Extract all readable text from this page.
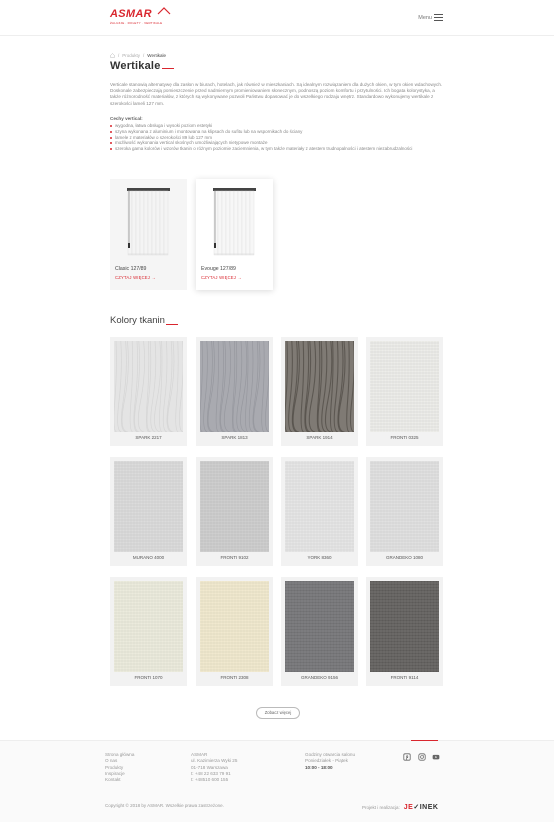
ASMAR
ŻALUZJE · ROLETY · VERTIKALE
Menu
/ Produkty / Wertikale
Wertikale
Verticale stanowią alternatywę dla zasłon w biurach, hotelach, jak również w mieszkaniach. Są idealnym rozwiązaniem dla dużych okien, w tym okien wdachowych. Doskonale zabezpieczają pomieszczenie przed nadmiernym promieniowaniem słonecznym, podnoszą poziom komfortu i przytulności. Ich bogata kolorystyka, a także różnorodność materiałów, z których są wykonywane pozwoli Państwu dopasować je do wszelkiego rodzaju wnętrz. Standardowo wykonujemy wertikale z szerokości lameli 127 mm.
Cechy vertical:
wygodna, łatwa obsługa i wysoki poziom estetyki
szyna wykonana z aluminium i montowana na klipsach do sufitu lub na wspornikach do ściany
lamele z materiałów o szerokości 89 lub 127 mm
możliwość wykonania vertical skośnych umożliwiających nietypowe montaże
szeroka gama kolorów i wzorów tkanin o różnym poziomie zaciemnienia, w tym także materiały z atestem trudnopalności i atestem niezabrudzalności
Clasic 127/89
CZYTAJ WIĘCEJ →
Evouge 127/89
CZYTAJ WIĘCEJ →
Kolory tkanin
SPARK 2217	SPARK 1813	SPARK 1914	FRONTI 0325
MURANO 4000	FRONTI 9102	YORK 8360	GRANDEKO 1080
FRONTI 1070	FRONTI 2308	GRANDEKO 9156	FRONTI 9114
Zobacz więcej
Strona główna
O nas
Produkty
Inspiracje
Kontakt
ASMAR
ul. Kazimierza Wyki 25
01-718 Warszawa
t: +48 22 633 79 91
t: +48510 600 155
Godziny otwarcia salonu
Poniedziałek - Piątek
10:00 - 18:00
Copyright © 2018 by ASMAR. Wszelkie prawa zastrzeżone.	Projekt i realizacja: JE✓INEK
